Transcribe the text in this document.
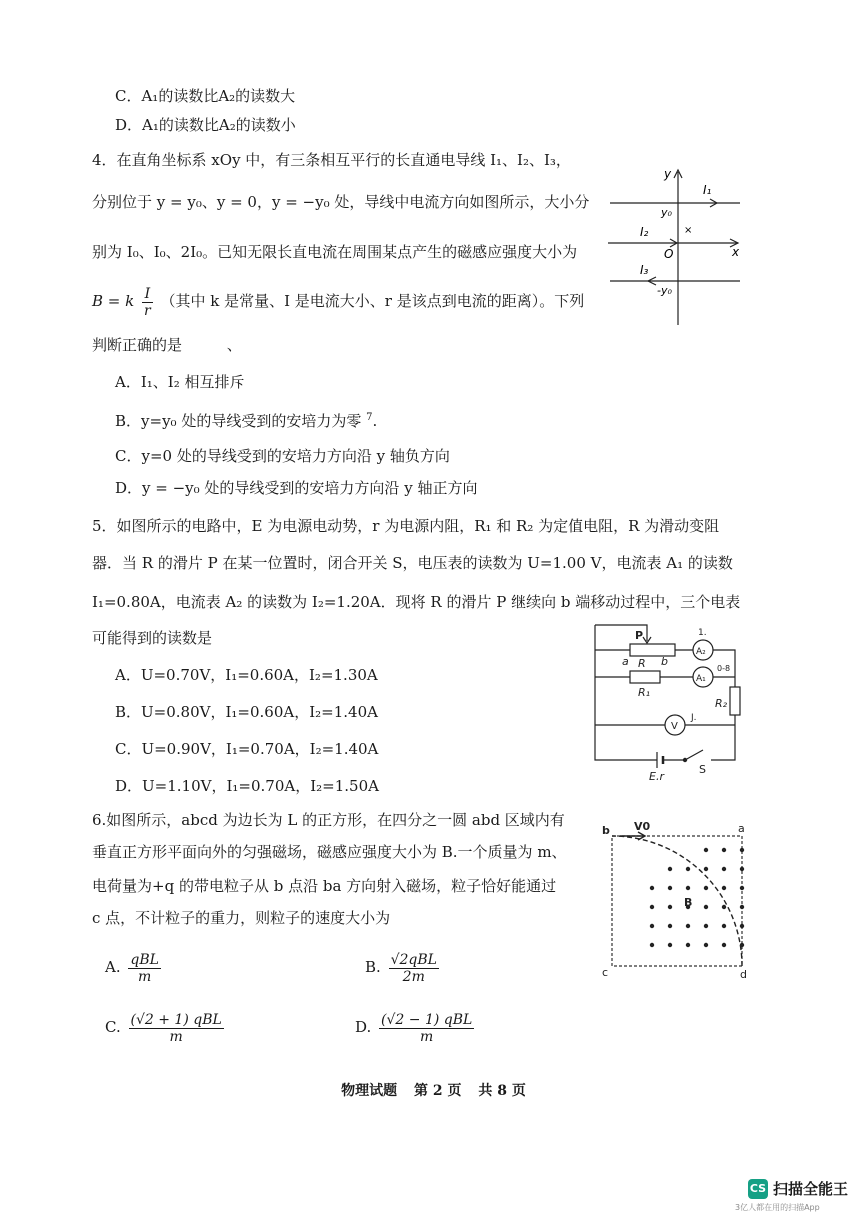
C．A₁的读数比A₂的读数大
D．A₁的读数比A₂的读数小
4．在直角坐标系 xOy 中，有三条相互平行的长直通电导线 I₁、I₂、I₃，
分别位于 y = y₀、y = 0，y = −y₀ 处，导线中电流方向如图所示，大小分
别为 I₀、I₀、2I₀。已知无限长直电流在周围某点产生的磁感应强度大小为
B = k $\frac{I}{r}$ （其中 k 是常量、I 是电流大小、r 是该点到电流的距离）。下列
判断正确的是	、
A．I₁、I₂ 相互排斥
B．y=y₀ 处的导线受到的安培力为零 $^7$.
C．y=0 处的导线受到的安培力方向沿 y 轴负方向
D．y = −y₀ 处的导线受到的安培力方向沿 y 轴正方向
y
x
O
I₁
y₀
×
I₂
I₃
-y₀
5．如图所示的电路中，E 为电源电动势，r 为电源内阻，R₁ 和 R₂ 为定值电阻，R 为滑动变阻
器．当 R 的滑片 P 在某一位置时，闭合开关 S，电压表的读数为 U=1.00 V，电流表 A₁ 的读数
I₁=0.80A，电流表 A₂ 的读数为 I₂=1.20A．现将 R 的滑片 P 继续向 b 端移动过程中，三个电表
可能得到的读数是
A．U=0.70V，I₁=0.60A，I₂=1.30A
B．U=0.80V，I₁=0.60A，I₂=1.40A
C．U=0.90V，I₁=0.70A，I₂=1.40A
D．U=1.10V，I₁=0.70A，I₂=1.50A
P
a R b
A₂
A₁
R₁
R₂
V
E,r
S
1.
0-8
J.
6.如图所示，abcd 为边长为 L 的正方形，在四分之一圆 abd 区域内有
垂直正方形平面向外的匀强磁场，磁感应强度大小为 B.一个质量为 m、
电荷量为+q 的带电粒子从 b 点沿 ba 方向射入磁场，粒子恰好能通过
c 点，不计粒子的重力，则粒子的速度大小为
A. $\frac{\text{qBL}}{m}$	B. $\frac{\text{√2qBL}}{2m}$
C. $\frac{\text{(√2 + 1) qBL}}{m}$	D. $\frac{\text{(√2 − 1) qBL}}{m}$
b V0	a
c	d
B
物理试题 第 2 页 共 8 页
CS 扫描全能王
3亿人都在用的扫描App
